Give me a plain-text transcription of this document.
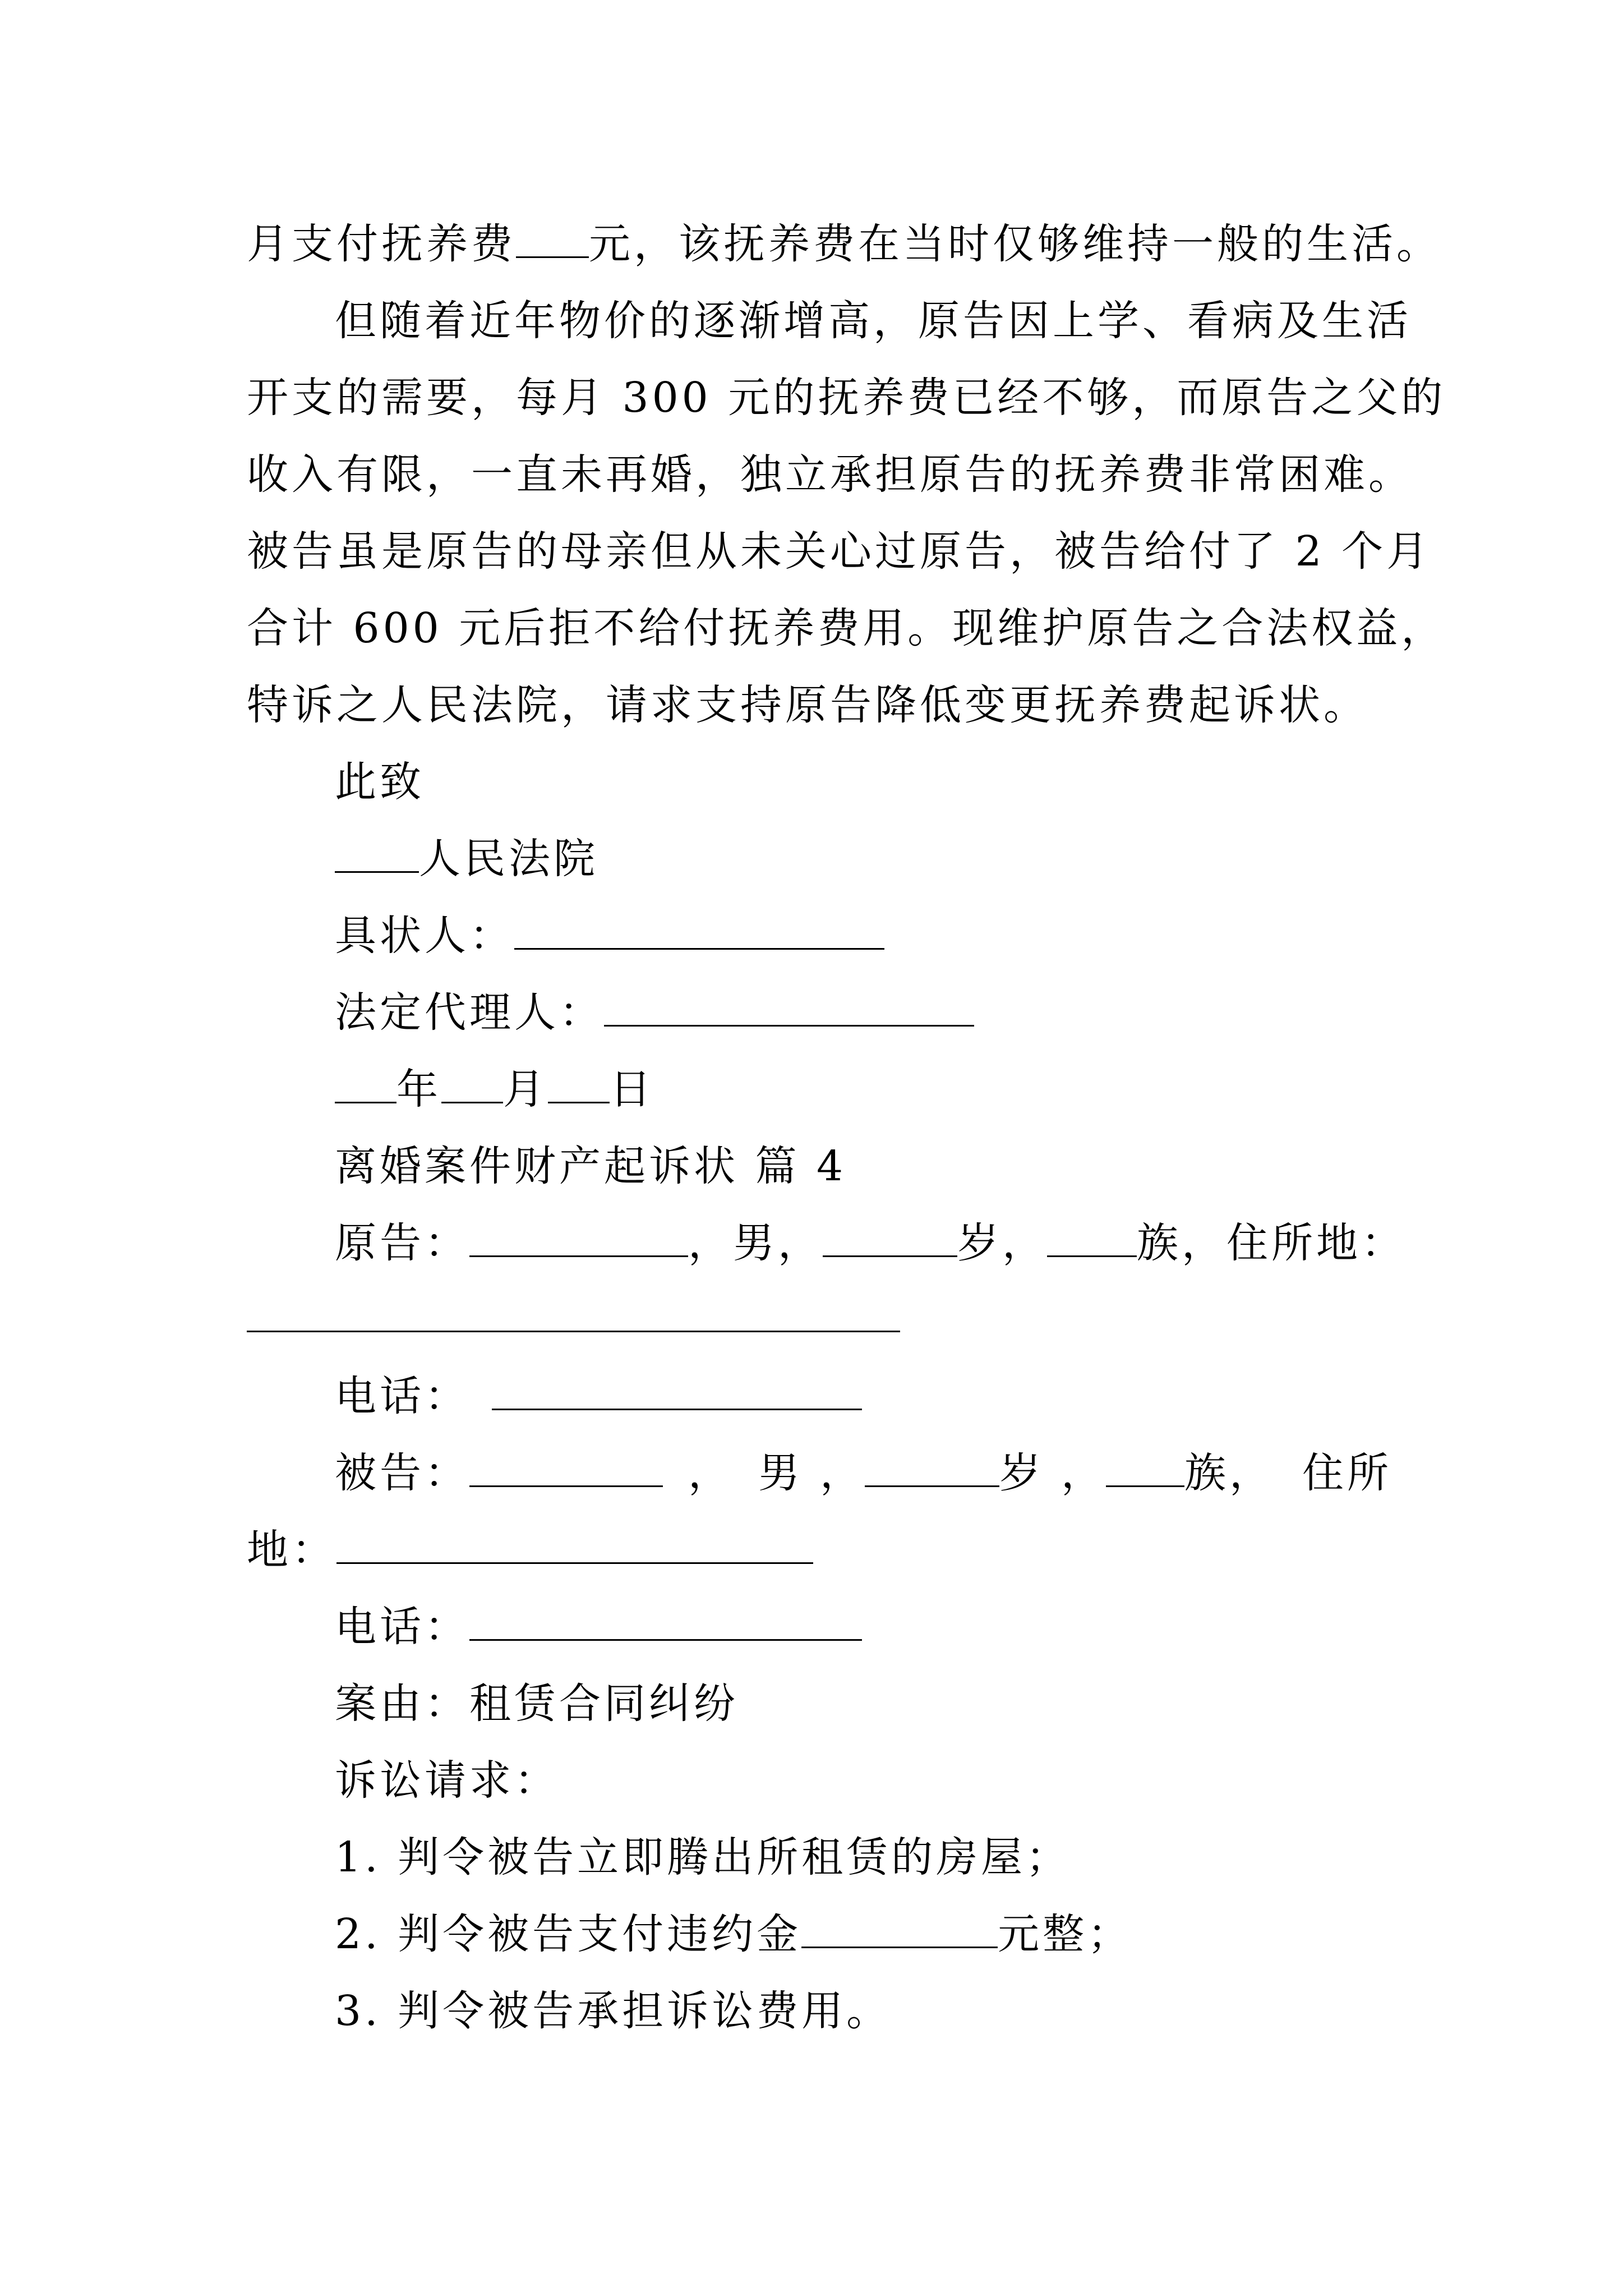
月支付抚养费 元，该抚养费在当时仅够维持一般的生活。
但随着近年物价的逐渐增高，原告因上学、看病及生活
开支的需要，每月 300 元的抚养费已经不够，而原告之父的
收入有限，一直未再婚，独立承担原告的抚养费非常困难。
被告虽是原告的母亲但从未关心过原告，被告给付了 2 个月
合计 600 元后拒不给付抚养费用。现维护原告之合法权益，
特诉之人民法院，请求支持原告降低变更抚养费起诉状。
此致
人民法院
具状人：
法定代理人：
年 月 日
离婚案件财产起诉状 篇 4
原告：	，男，	岁， 族，住所地：
电话：
被告：	， 男 ，	岁 ， 族， 住所
地：
电话：
案由：租赁合同纠纷
诉讼请求：
1. 判令被告立即腾出所租赁的房屋；
2. 判令被告支付违约金	元整；
3. 判令被告承担诉讼费用。
